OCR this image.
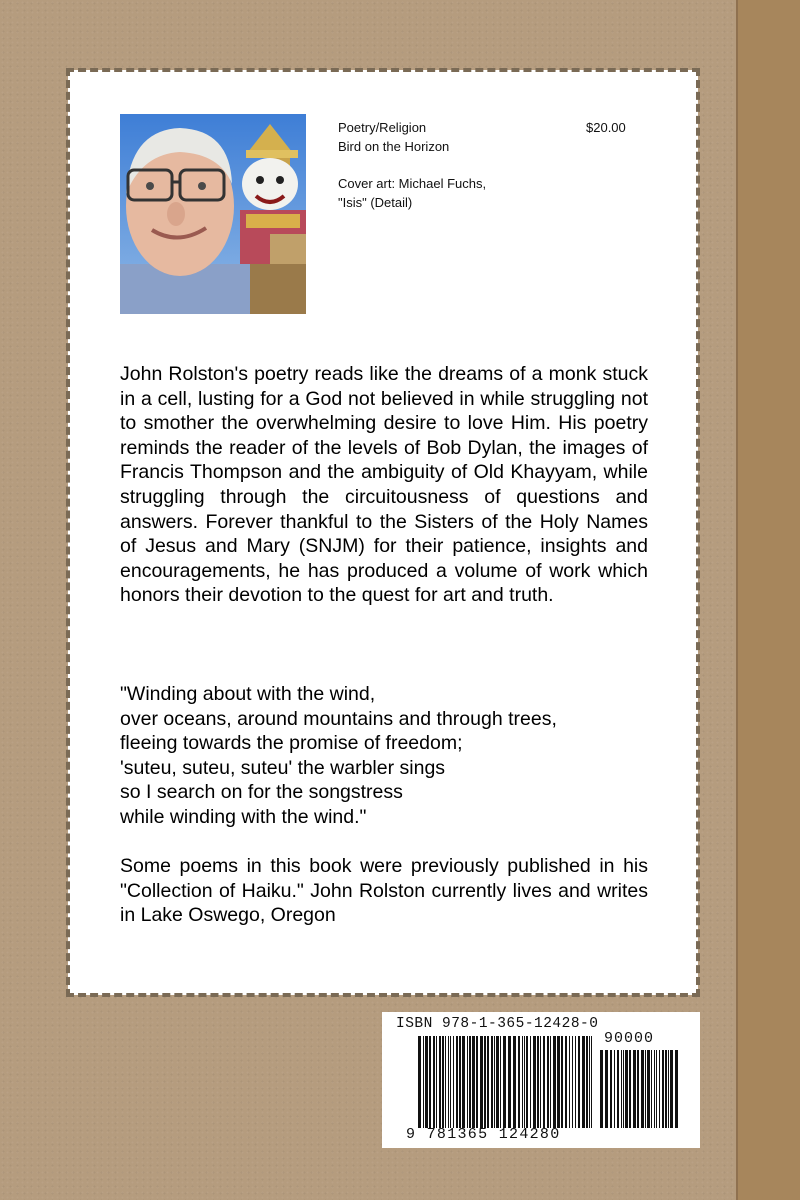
Poetry/Religion	$20.00
Bird on the Horizon
Cover art: Michael Fuchs,
"Isis" (Detail)
John Rolston's poetry reads like the dreams of a monk stuck in a cell, lusting for a God not believed in while struggling not to smother the overwhelming desire to love Him. His poetry reminds the reader of the levels of Bob Dylan, the images of Francis Thompson and the ambiguity of Old Khayyam, while struggling through the circuitousness of questions and answers. Forever thankful to the Sisters of the Holy Names of Jesus and Mary (SNJM) for their patience, insights and encouragements, he has produced a volume of work which honors their devotion to the quest for art and truth.
"Winding about with the wind,
over oceans, around mountains and through trees,
fleeing towards the promise of freedom;
'suteu, suteu, suteu' the warbler sings
so I search on for the songstress
while winding with the wind."
Some poems in this book were previously published in his "Collection of Haiku." John Rolston currently lives and writes in Lake Oswego, Oregon
ISBN 978-1-365-12428-0
90000
9 781365 124280
